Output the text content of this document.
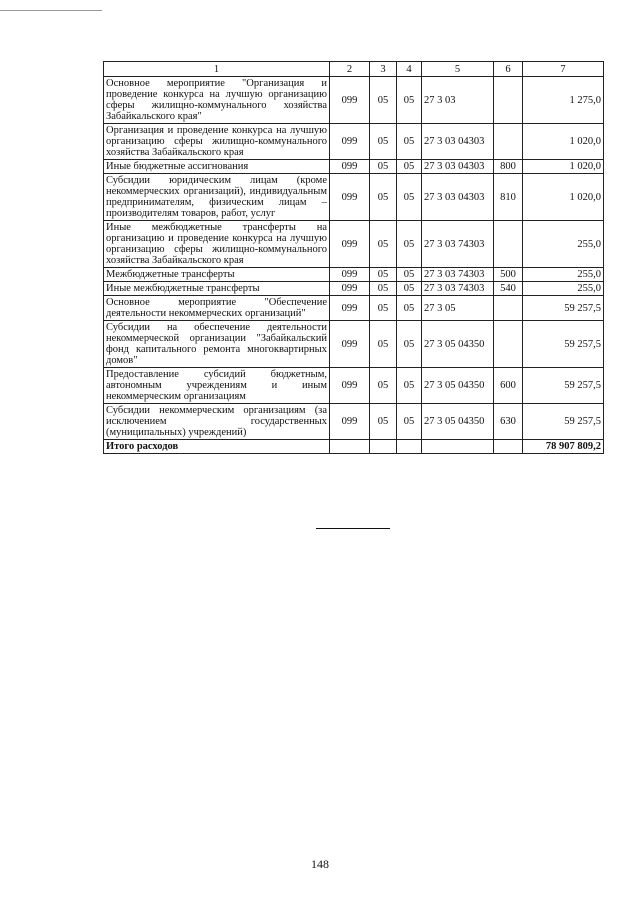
1	2	3	4	5	6	7
Основное мероприятие "Организация и проведение конкурса на лучшую организацию сферы жилищно-коммунального хозяйства Забайкальского края"	099	05	05	27 3 03		1 275,0
Организация и проведение конкурса на лучшую организацию сферы жилищно-коммунального хозяйства Забайкальского края	099	05	05	27 3 03 04303		1 020,0
Иные бюджетные ассигнования	099	05	05	27 3 03 04303	800	1 020,0
Субсидии юридическим лицам (кроме некоммерческих организаций), индивидуальным предпринимателям, физическим лицам – производителям товаров, работ, услуг	099	05	05	27 3 03 04303	810	1 020,0
Иные межбюджетные трансферты на организацию и проведение конкурса на лучшую организацию сферы жилищно-коммунального хозяйства Забайкальского края	099	05	05	27 3 03 74303		255,0
Межбюджетные трансферты	099	05	05	27 3 03 74303	500	255,0
Иные межбюджетные трансферты	099	05	05	27 3 03 74303	540	255,0
Основное мероприятие "Обеспечение деятельности некоммерческих организаций"	099	05	05	27 3 05		59 257,5
Субсидии на обеспечение деятельности некоммерческой организации "Забайкальский фонд капитального ремонта многоквартирных домов"	099	05	05	27 3 05 04350		59 257,5
Предоставление субсидий бюджетным, автономным учреждениям и иным некоммерческим организациям	099	05	05	27 3 05 04350	600	59 257,5
Субсидии некоммерческим организациям (за исключением государственных (муниципальных) учреждений)	099	05	05	27 3 05 04350	630	59 257,5
Итого расходов						78 907 809,2
148
